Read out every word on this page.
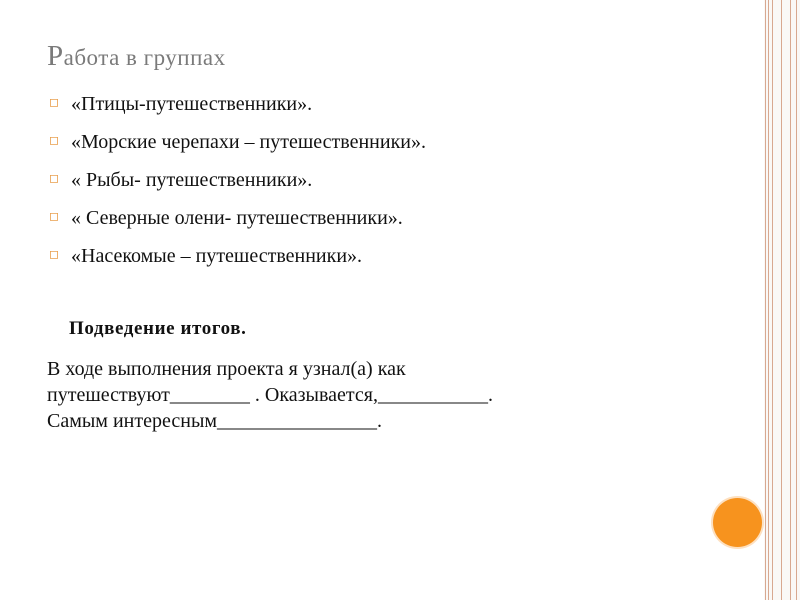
Работа в группах
◻ «Птицы-путешественники».
◻ «Морские черепахи – путешественники».
◻ « Рыбы- путешественники».
◻ « Северные олени- путешественники».
◻ «Насекомые – путешественники».
Подведение итогов.
В ходе выполнения проекта я узнал(а) как
путешествуют________ . Оказывается,___________.
Самым интересным________________.
